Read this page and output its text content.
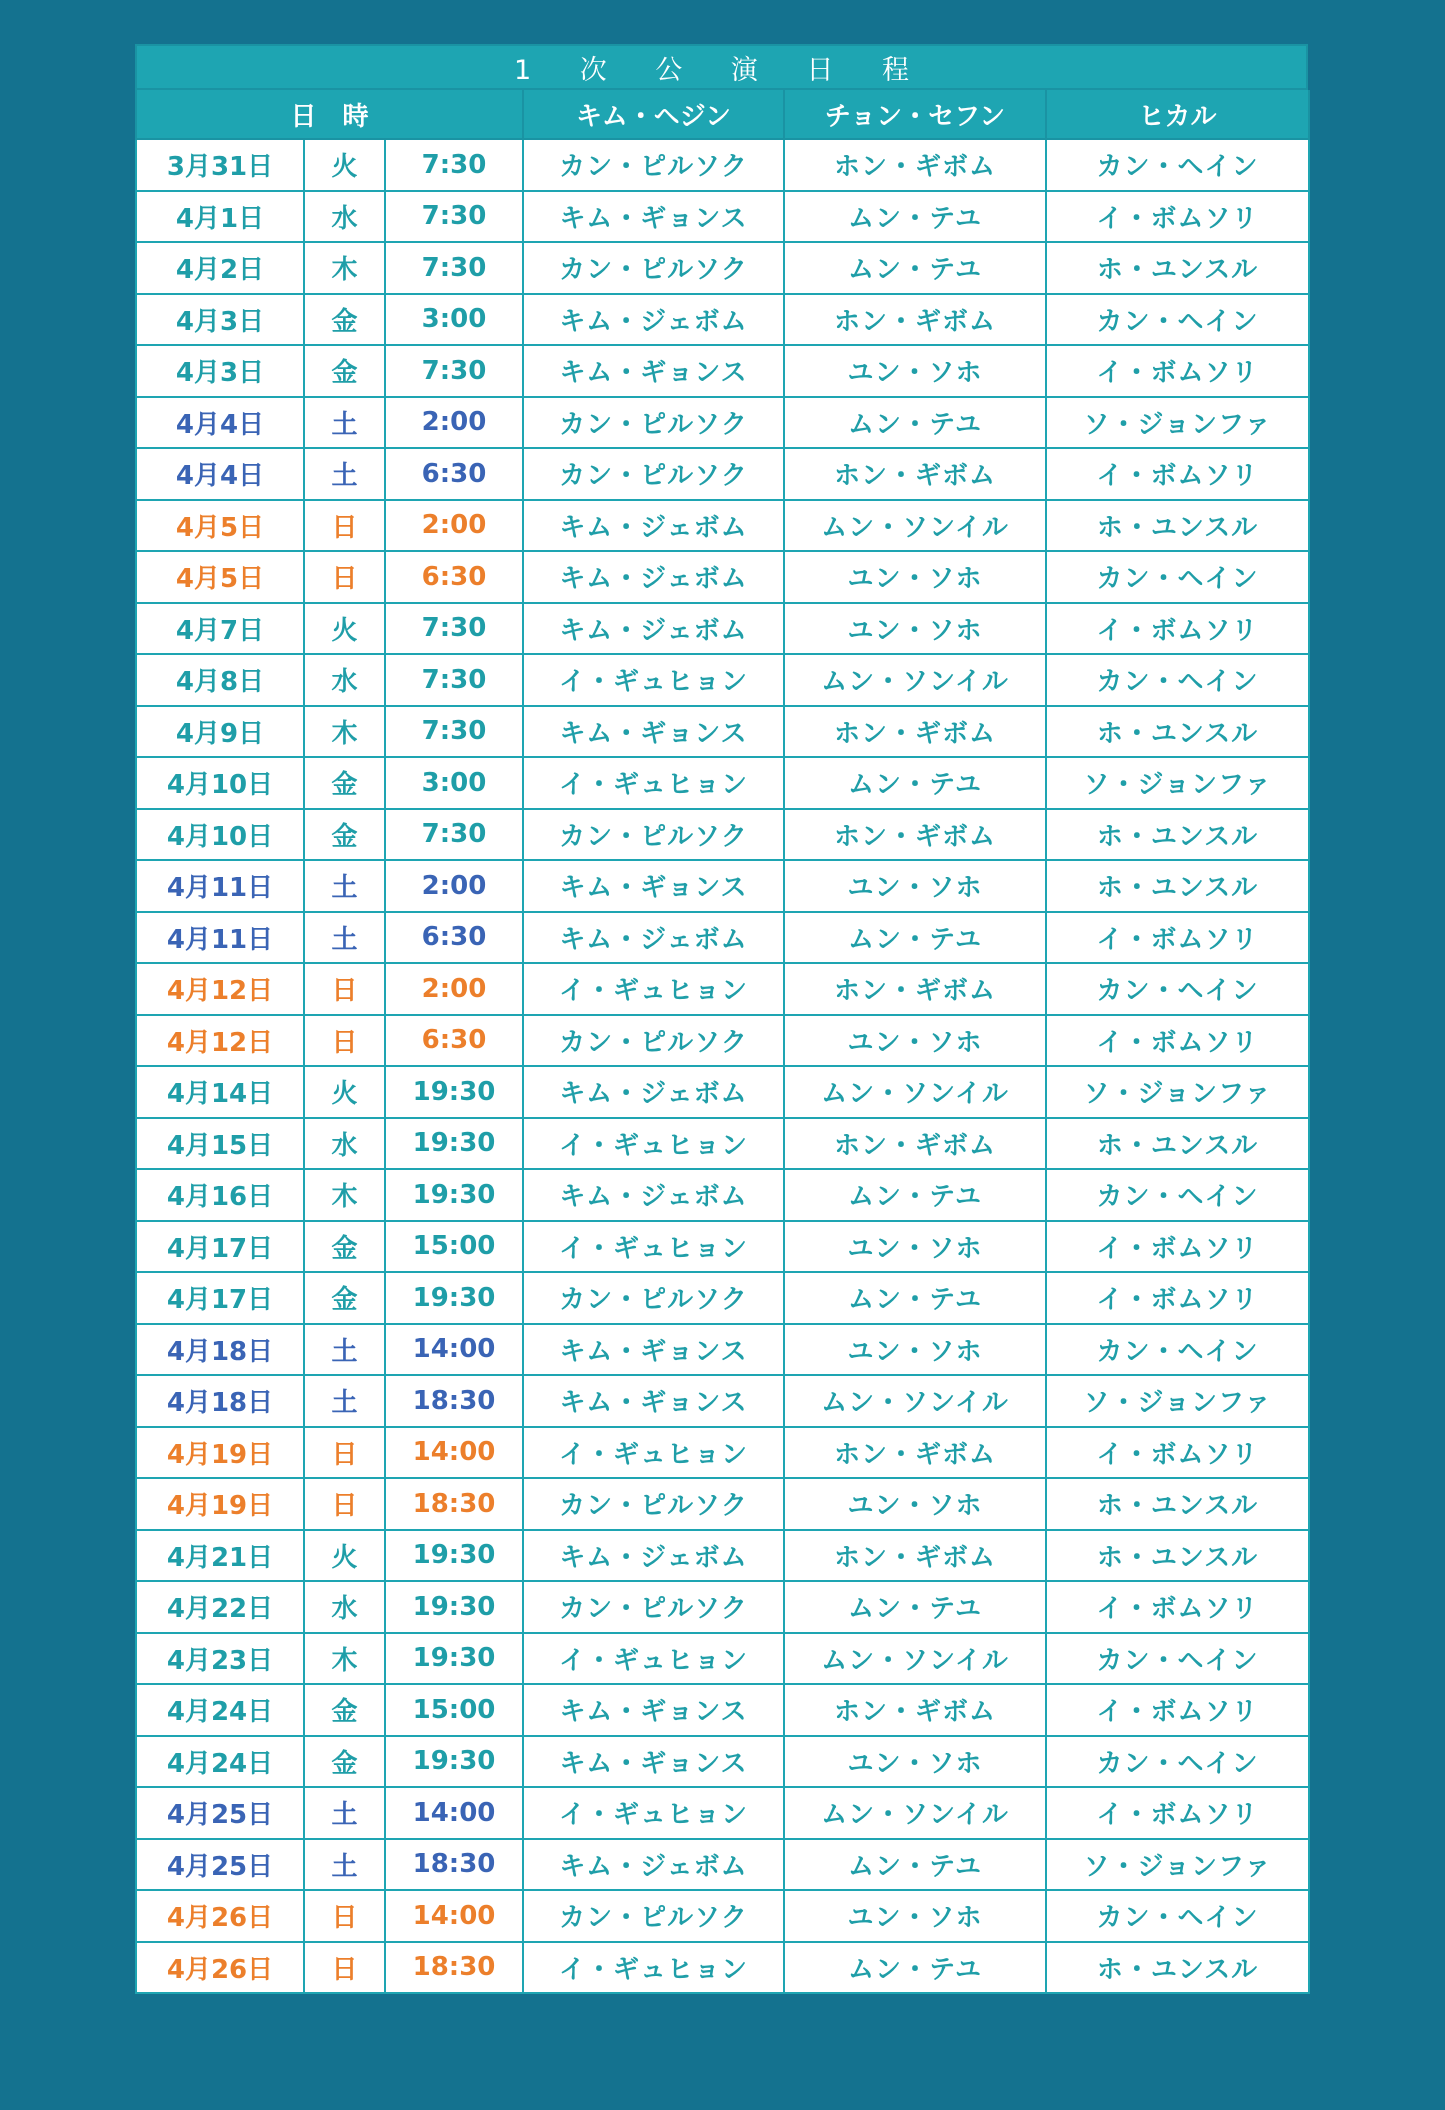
1 次 公 演 日 程
日　時			キム・ヘジン	チョン・セフン	ヒカル
3月31日	火	7:30	カン・ピルソク	ホン・ギボム	カン・ヘイン
4月1日	水	7:30	キム・ギョンス	ムン・テユ	イ・ボムソリ
4月2日	木	7:30	カン・ピルソク	ムン・テユ	ホ・ユンスル
4月3日	金	3:00	キム・ジェボム	ホン・ギボム	カン・ヘイン
4月3日	金	7:30	キム・ギョンス	ユン・ソホ	イ・ボムソリ
4月4日	土	2:00	カン・ピルソク	ムン・テユ	ソ・ジョンファ
4月4日	土	6:30	カン・ピルソク	ホン・ギボム	イ・ボムソリ
4月5日	日	2:00	キム・ジェボム	ムン・ソンイル	ホ・ユンスル
4月5日	日	6:30	キム・ジェボム	ユン・ソホ	カン・ヘイン
4月7日	火	7:30	キム・ジェボム	ユン・ソホ	イ・ボムソリ
4月8日	水	7:30	イ・ギュヒョン	ムン・ソンイル	カン・ヘイン
4月9日	木	7:30	キム・ギョンス	ホン・ギボム	ホ・ユンスル
4月10日	金	3:00	イ・ギュヒョン	ムン・テユ	ソ・ジョンファ
4月10日	金	7:30	カン・ピルソク	ホン・ギボム	ホ・ユンスル
4月11日	土	2:00	キム・ギョンス	ユン・ソホ	ホ・ユンスル
4月11日	土	6:30	キム・ジェボム	ムン・テユ	イ・ボムソリ
4月12日	日	2:00	イ・ギュヒョン	ホン・ギボム	カン・ヘイン
4月12日	日	6:30	カン・ピルソク	ユン・ソホ	イ・ボムソリ
4月14日	火	19:30	キム・ジェボム	ムン・ソンイル	ソ・ジョンファ
4月15日	水	19:30	イ・ギュヒョン	ホン・ギボム	ホ・ユンスル
4月16日	木	19:30	キム・ジェボム	ムン・テユ	カン・ヘイン
4月17日	金	15:00	イ・ギュヒョン	ユン・ソホ	イ・ボムソリ
4月17日	金	19:30	カン・ピルソク	ムン・テユ	イ・ボムソリ
4月18日	土	14:00	キム・ギョンス	ユン・ソホ	カン・ヘイン
4月18日	土	18:30	キム・ギョンス	ムン・ソンイル	ソ・ジョンファ
4月19日	日	14:00	イ・ギュヒョン	ホン・ギボム	イ・ボムソリ
4月19日	日	18:30	カン・ピルソク	ユン・ソホ	ホ・ユンスル
4月21日	火	19:30	キム・ジェボム	ホン・ギボム	ホ・ユンスル
4月22日	水	19:30	カン・ピルソク	ムン・テユ	イ・ボムソリ
4月23日	木	19:30	イ・ギュヒョン	ムン・ソンイル	カン・ヘイン
4月24日	金	15:00	キム・ギョンス	ホン・ギボム	イ・ボムソリ
4月24日	金	19:30	キム・ギョンス	ユン・ソホ	カン・ヘイン
4月25日	土	14:00	イ・ギュヒョン	ムン・ソンイル	イ・ボムソリ
4月25日	土	18:30	キム・ジェボム	ムン・テユ	ソ・ジョンファ
4月26日	日	14:00	カン・ピルソク	ユン・ソホ	カン・ヘイン
4月26日	日	18:30	イ・ギュヒョン	ムン・テユ	ホ・ユンスル
